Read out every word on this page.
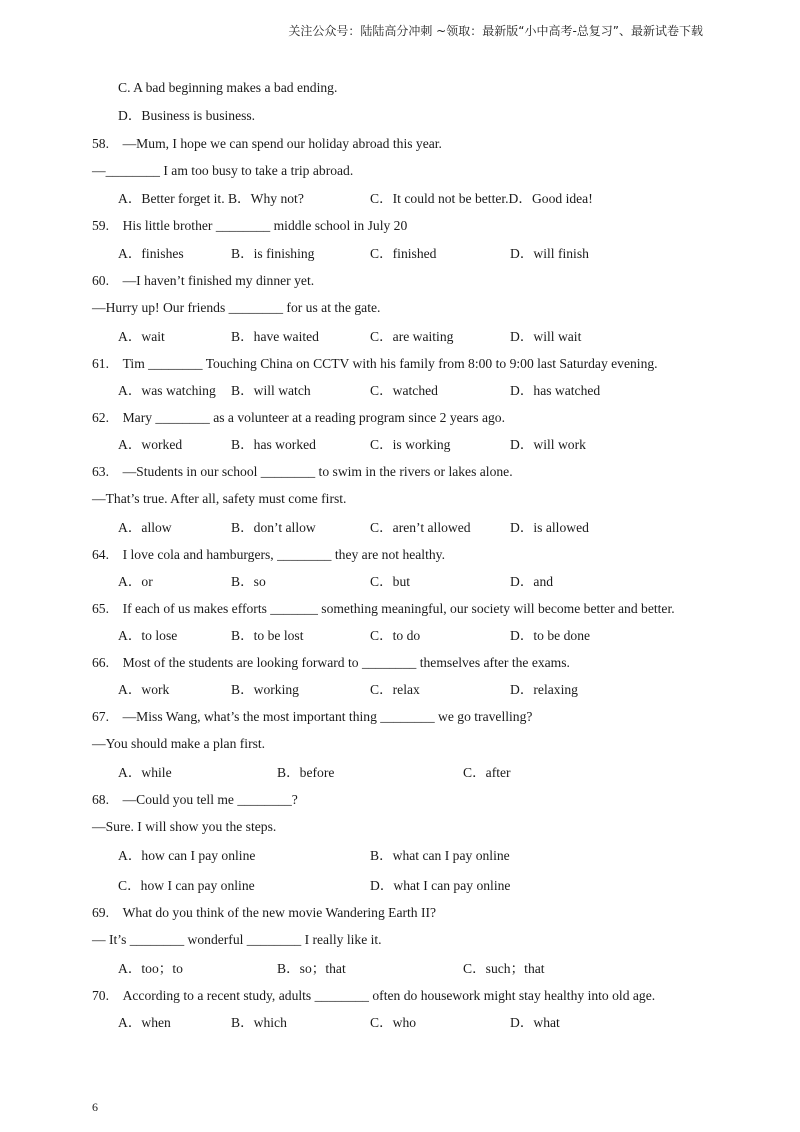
关注公众号：陆陆高分冲刺 ~领取：最新版“小中高考-总复习”、最新试卷下载
C. A bad beginning makes a bad ending.
D．Business is business.
58.　—Mum, I hope we can spend our holiday abroad this year.
—________ I am too busy to take a trip abroad.
A．Better forget it. B．Why not?	C．It could not be better.D．Good idea!
59.　His little brother ________ middle school in July 20
A．finishes	B．is finishing	C．finished	D．will finish
60.　—I haven’t finished my dinner yet.
—Hurry up! Our friends ________ for us at the gate.
A．wait	B．have waited	C．are waiting	D．will wait
61.　Tim ________ Touching China on CCTV with his family from 8:00 to 9:00 last Saturday evening.
A．was watching B．will watch	C．watched	D．has watched
62.　Mary ________ as a volunteer at a reading program since 2 years ago.
A．worked	B．has worked	C．is working	D．will work
63.　—Students in our school ________ to swim in the rivers or lakes alone.
—That’s true. After all, safety must come first.
A．allow	B．don’t allow	C．aren’t allowed	D．is allowed
64.　I love cola and hamburgers, ________ they are not healthy.
A．or	B．so	C．but	D．and
65.　If each of us makes efforts _______ something meaningful, our society will become better and better.
A．to lose	B．to be lost	C．to do	D．to be done
66.　Most of the students are looking forward to ________ themselves after the exams.
A．work	B．working	C．relax	D．relaxing
67.　—Miss Wang, what’s the most important thing ________ we go travelling?
—You should make a plan first.
A．while	B．before	C．after
68.　—Could you tell me ________?
—Sure. I will show you the steps.
A．how can I pay online	B．what can I pay online
C．how I can pay online	D．what I can pay online
69.　What do you think of the new movie Wandering Earth II?
— It’s ________ wonderful ________ I really like it.
A．too；to	B．so；that	C．such；that
70.　According to a recent study, adults ________ often do housework might stay healthy into old age.
A．when	B．which	C．who	D．what
6
